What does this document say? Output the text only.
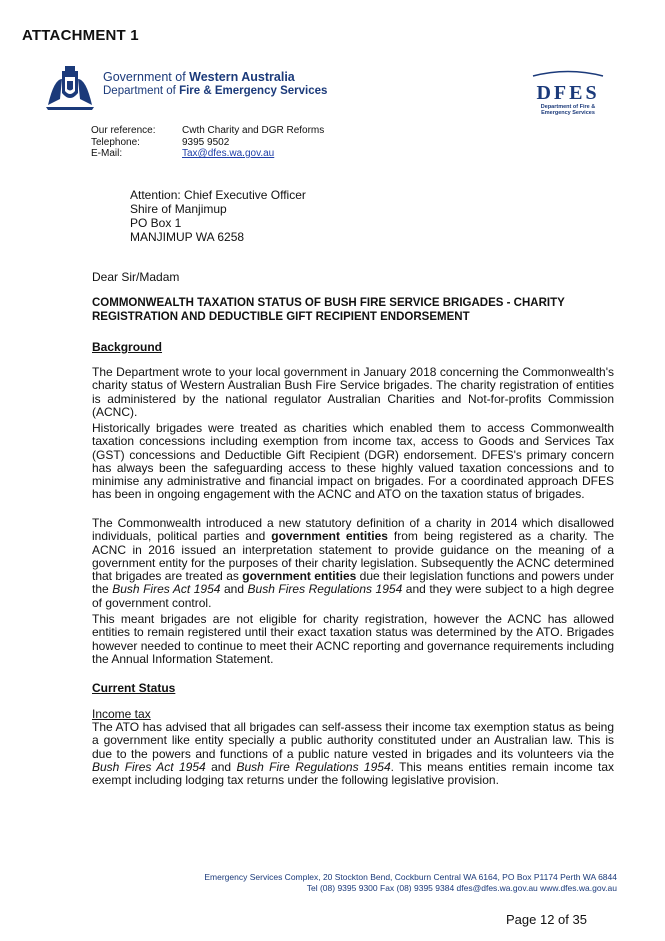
ATTACHMENT 1
Government of Western Australia
Department of Fire & Emergency Services	DFES
Department of Fire &
Emergency Services
Our reference:	Cwth Charity and DGR Reforms
Telephone:	9395 9502
E-Mail:	Tax@dfes.wa.gov.au
Attention: Chief Executive Officer
Shire of Manjimup
PO Box 1
MANJIMUP WA 6258
Dear Sir/Madam
COMMONWEALTH TAXATION STATUS OF BUSH FIRE SERVICE BRIGADES - CHARITY REGISTRATION AND DEDUCTIBLE GIFT RECIPIENT ENDORSEMENT
Background
The Department wrote to your local government in January 2018 concerning the Commonwealth's charity status of Western Australian Bush Fire Service brigades. The charity registration of entities is administered by the national regulator Australian Charities and Not-for-profits Commission (ACNC).
Historically brigades were treated as charities which enabled them to access Commonwealth taxation concessions including exemption from income tax, access to Goods and Services Tax (GST) concessions and Deductible Gift Recipient (DGR) endorsement. DFES's primary concern has always been the safeguarding access to these highly valued taxation concessions and to minimise any administrative and financial impact on brigades. For a coordinated approach DFES has been in ongoing engagement with the ACNC and ATO on the taxation status of brigades.
The Commonwealth introduced a new statutory definition of a charity in 2014 which disallowed individuals, political parties and government entities from being registered as a charity. The ACNC in 2016 issued an interpretation statement to provide guidance on the meaning of a government entity for the purposes of their charity legislation. Subsequently the ACNC determined that brigades are treated as government entities due their legislation functions and powers under the Bush Fires Act 1954 and Bush Fires Regulations 1954 and they were subject to a high degree of government control.
This meant brigades are not eligible for charity registration, however the ACNC has allowed entities to remain registered until their exact taxation status was determined by the ATO. Brigades however needed to continue to meet their ACNC reporting and governance requirements including the Annual Information Statement.
Current Status
Income tax
The ATO has advised that all brigades can self-assess their income tax exemption status as being a government like entity specially a public authority constituted under an Australian law. This is due to the powers and functions of a public nature vested in brigades and its volunteers via the Bush Fires Act 1954 and Bush Fire Regulations 1954. This means entities remain income tax exempt including lodging tax returns under the following legislative provision.
Emergency Services Complex, 20 Stockton Bend, Cockburn Central WA 6164, PO Box P1174 Perth WA 6844
Tel (08) 9395 9300 Fax (08) 9395 9384 dfes@dfes.wa.gov.au www.dfes.wa.gov.au
Page 12 of 35
